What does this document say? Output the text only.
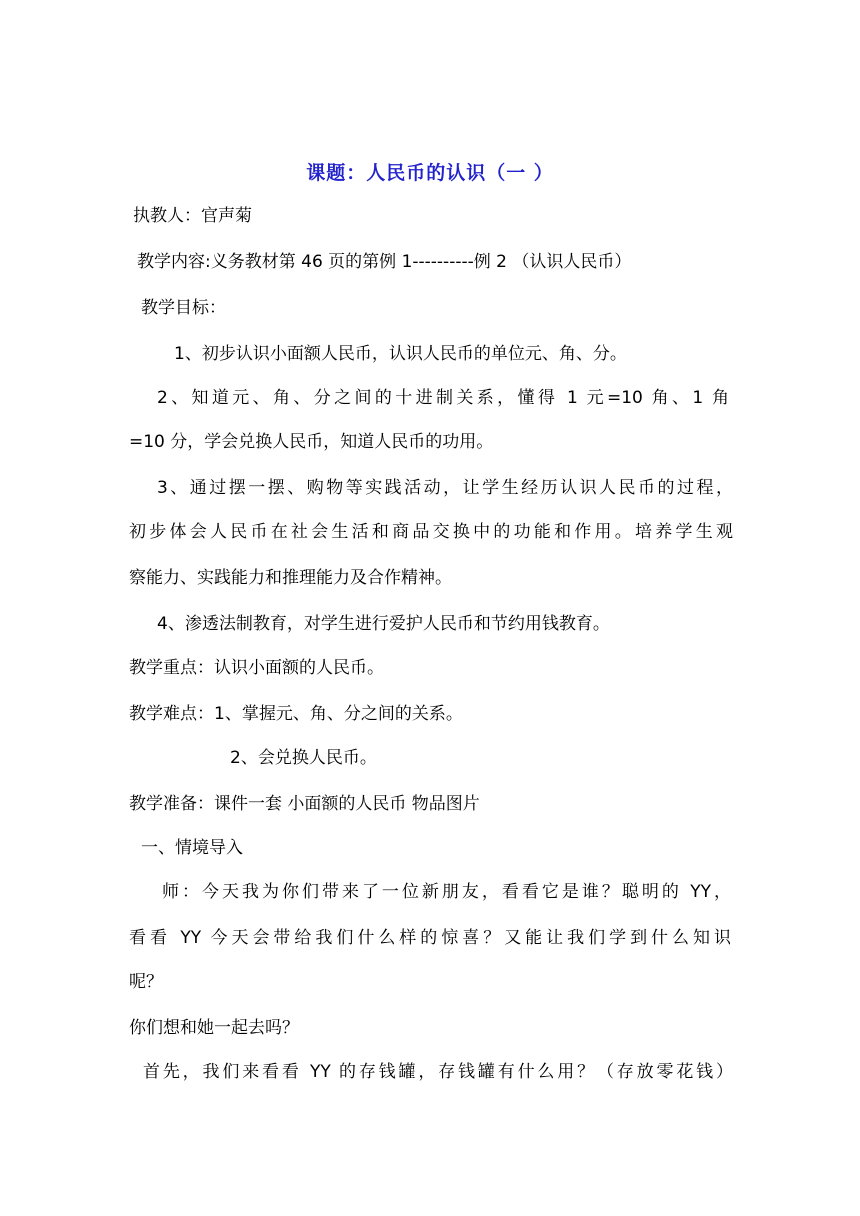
课题：人民币的认识（一 ）
执教人：官声菊
教学内容:义务教材第 46 页的第例 1----------例 2 （认识人民币）
教学目标：
1、初步认识小面额人民币，认识人民币的单位元、角、分。
2、知道元、角、分之间的十进制关系，懂得 1 元=10 角、1 角
=10 分，学会兑换人民币，知道人民币的功用。
3、通过摆一摆、购物等实践活动，让学生经历认识人民币的过程，
初步体会人民币在社会生活和商品交换中的功能和作用。培养学生观
察能力、实践能力和推理能力及合作精神。
4、渗透法制教育，对学生进行爱护人民币和节约用钱教育。
教学重点：认识小面额的人民币。
教学难点：1、掌握元、角、分之间的关系。
2、会兑换人民币。
教学准备：课件一套 小面额的人民币 物品图片
一、情境导入
师：今天我为你们带来了一位新朋友，看看它是谁？聪明的 YY，
看看 YY 今天会带给我们什么样的惊喜？又能让我们学到什么知识
呢？
你们想和她一起去吗？
首先，我们来看看 YY 的存钱罐，存钱罐有什么用？（存放零花钱）
